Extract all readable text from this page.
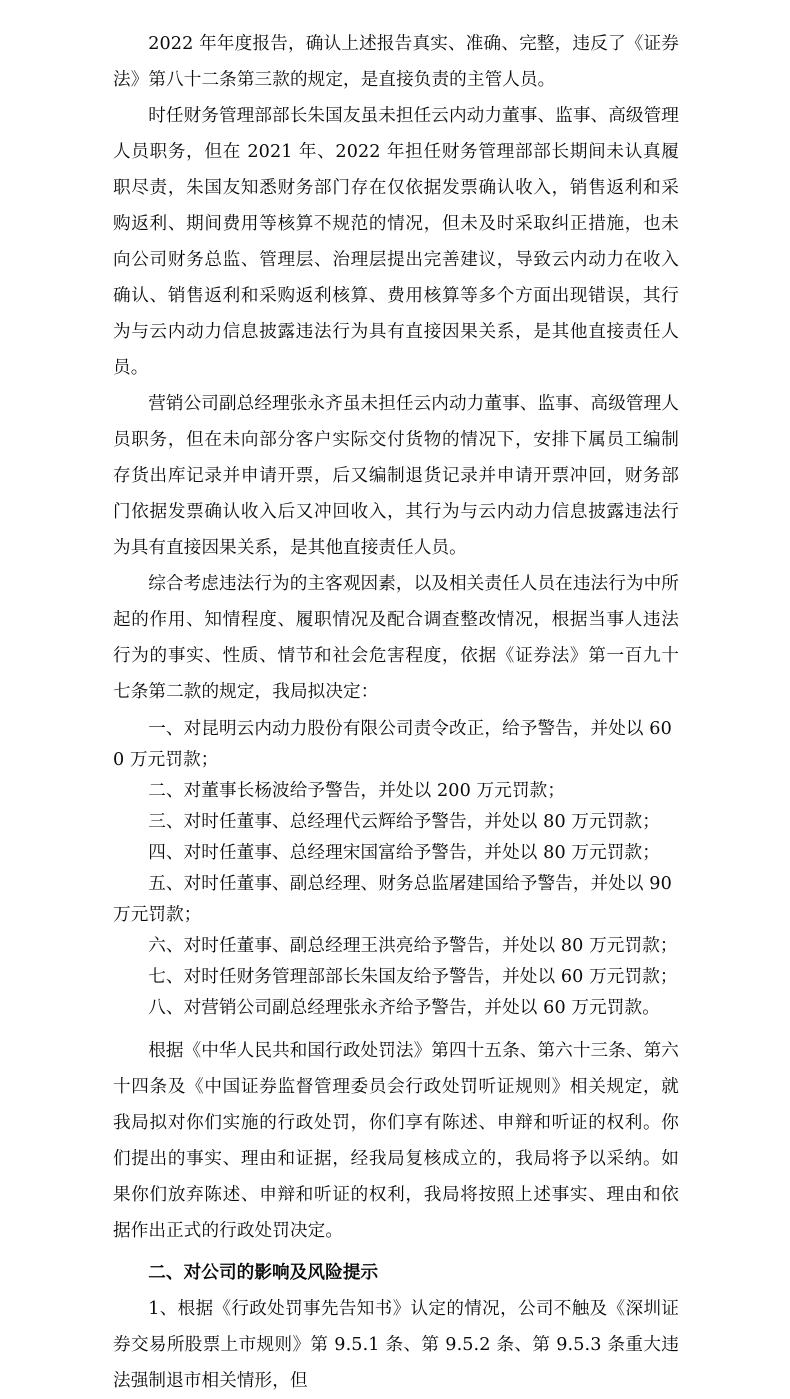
2022 年年度报告，确认上述报告真实、准确、完整，违反了《证券法》第八十二条第三款的规定，是直接负责的主管人员。

时任财务管理部部长朱国友虽未担任云内动力董事、监事、高级管理人员职务，但在 2021 年、2022 年担任财务管理部部长期间未认真履职尽责，朱国友知悉财务部门存在仅依据发票确认收入，销售返利和采购返利、期间费用等核算不规范的情况，但未及时采取纠正措施，也未向公司财务总监、管理层、治理层提出完善建议，导致云内动力在收入确认、销售返利和采购返利核算、费用核算等多个方面出现错误，其行为与云内动力信息披露违法行为具有直接因果关系，是其他直接责任人员。

营销公司副总经理张永齐虽未担任云内动力董事、监事、高级管理人员职务，但在未向部分客户实际交付货物的情况下，安排下属员工编制存货出库记录并申请开票，后又编制退货记录并申请开票冲回，财务部门依据发票确认收入后又冲回收入，其行为与云内动力信息披露违法行为具有直接因果关系，是其他直接责任人员。

综合考虑违法行为的主客观因素，以及相关责任人员在违法行为中所起的作用、知情程度、履职情况及配合调查整改情况，根据当事人违法行为的事实、性质、情节和社会危害程度，依据《证券法》第一百九十七条第二款的规定，我局拟决定：

一、对昆明云内动力股份有限公司责令改正，给予警告，并处以 600 万元罚款；
二、对董事长杨波给予警告，并处以 200 万元罚款；
三、对时任董事、总经理代云辉给予警告，并处以 80 万元罚款；
四、对时任董事、总经理宋国富给予警告，并处以 80 万元罚款；
五、对时任董事、副总经理、财务总监屠建国给予警告，并处以 90 万元罚款；
六、对时任董事、副总经理王洪亮给予警告，并处以 80 万元罚款；
七、对时任财务管理部部长朱国友给予警告，并处以 60 万元罚款；
八、对营销公司副总经理张永齐给予警告，并处以 60 万元罚款。

根据《中华人民共和国行政处罚法》第四十五条、第六十三条、第六十四条及《中国证券监督管理委员会行政处罚听证规则》相关规定，就我局拟对你们实施的行政处罚，你们享有陈述、申辩和听证的权利。你们提出的事实、理由和证据，经我局复核成立的，我局将予以采纳。如果你们放弃陈述、申辩和听证的权利，我局将按照上述事实、理由和依据作出正式的行政处罚决定。

二、对公司的影响及风险提示

1、根据《行政处罚事先告知书》认定的情况，公司不触及《深圳证券交易所股票上市规则》第 9.5.1 条、第 9.5.2 条、第 9.5.3 条重大违法强制退市相关情形，但
